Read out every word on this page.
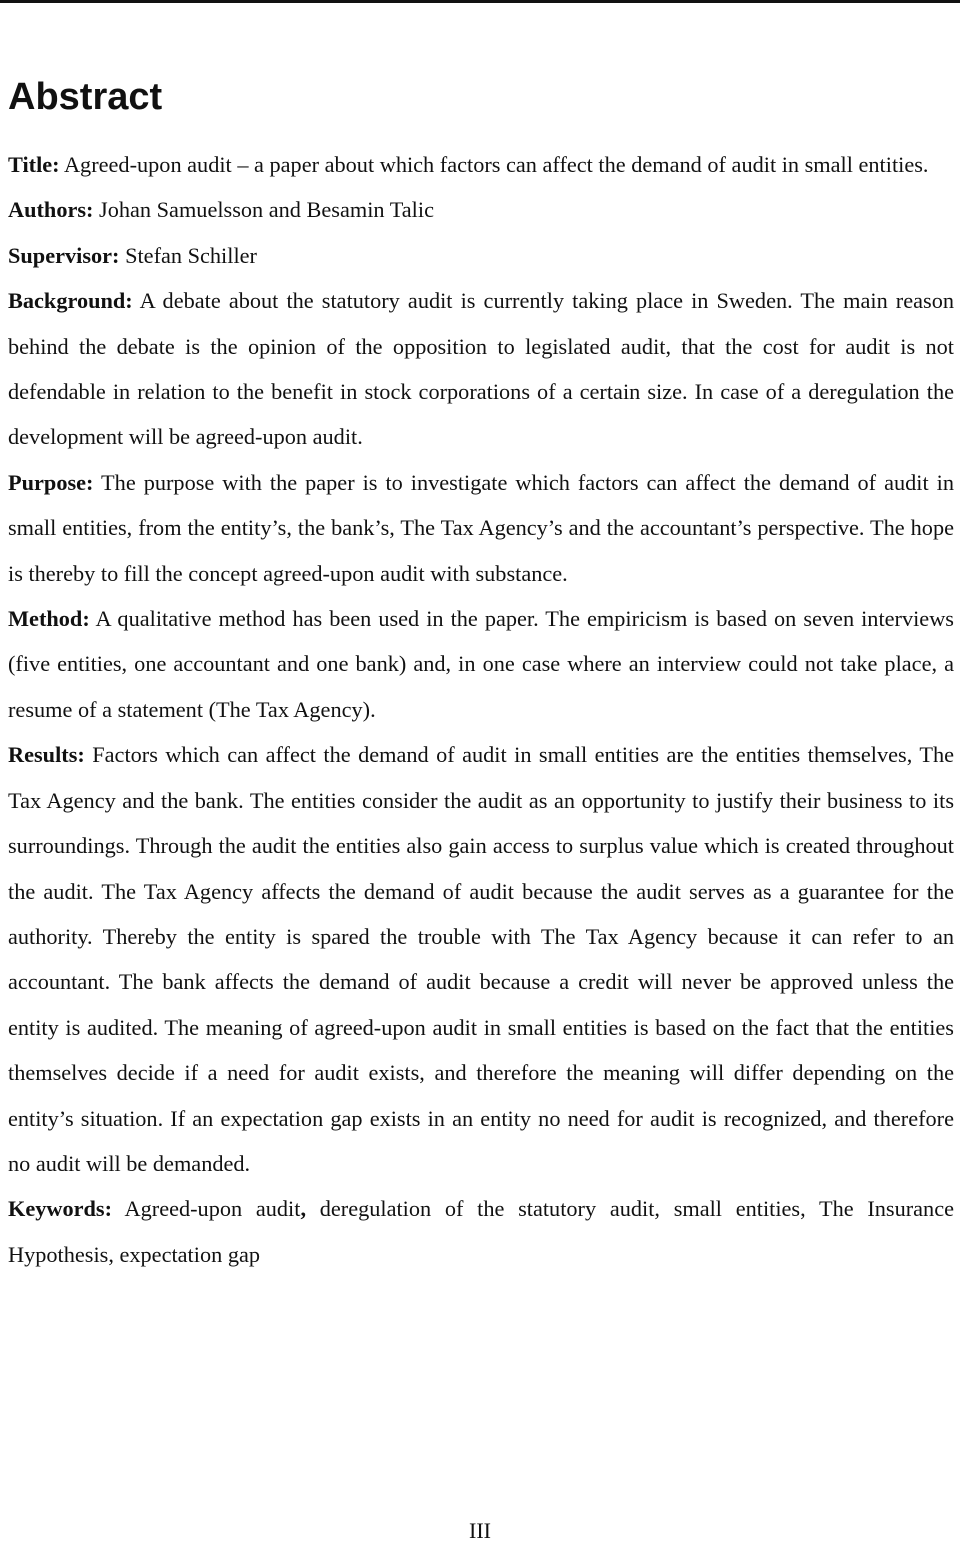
Abstract

Title: Agreed-upon audit – a paper about which factors can affect the demand of audit in small entities.

Authors: Johan Samuelsson and Besamin Talic

Supervisor: Stefan Schiller

Background: A debate about the statutory audit is currently taking place in Sweden. The main reason behind the debate is the opinion of the opposition to legislated audit, that the cost for audit is not defendable in relation to the benefit in stock corporations of a certain size. In case of a deregulation the development will be agreed-upon audit.

Purpose: The purpose with the paper is to investigate which factors can affect the demand of audit in small entities, from the entity’s, the bank’s, The Tax Agency’s and the accountant’s perspective. The hope is thereby to fill the concept agreed-upon audit with substance.

Method: A qualitative method has been used in the paper. The empiricism is based on seven interviews (five entities, one accountant and one bank) and, in one case where an interview could not take place, a resume of a statement (The Tax Agency).

Results: Factors which can affect the demand of audit in small entities are the entities themselves, The Tax Agency and the bank. The entities consider the audit as an opportunity to justify their business to its surroundings. Through the audit the entities also gain access to surplus value which is created throughout the audit. The Tax Agency affects the demand of audit because the audit serves as a guarantee for the authority. Thereby the entity is spared the trouble with The Tax Agency because it can refer to an accountant. The bank affects the demand of audit because a credit will never be approved unless the entity is audited. The meaning of agreed-upon audit in small entities is based on the fact that the entities themselves decide if a need for audit exists, and therefore the meaning will differ depending on the entity’s situation. If an expectation gap exists in an entity no need for audit is recognized, and therefore no audit will be demanded.

Keywords: Agreed-upon audit, deregulation of the statutory audit, small entities, The Insurance Hypothesis, expectation gap

III
